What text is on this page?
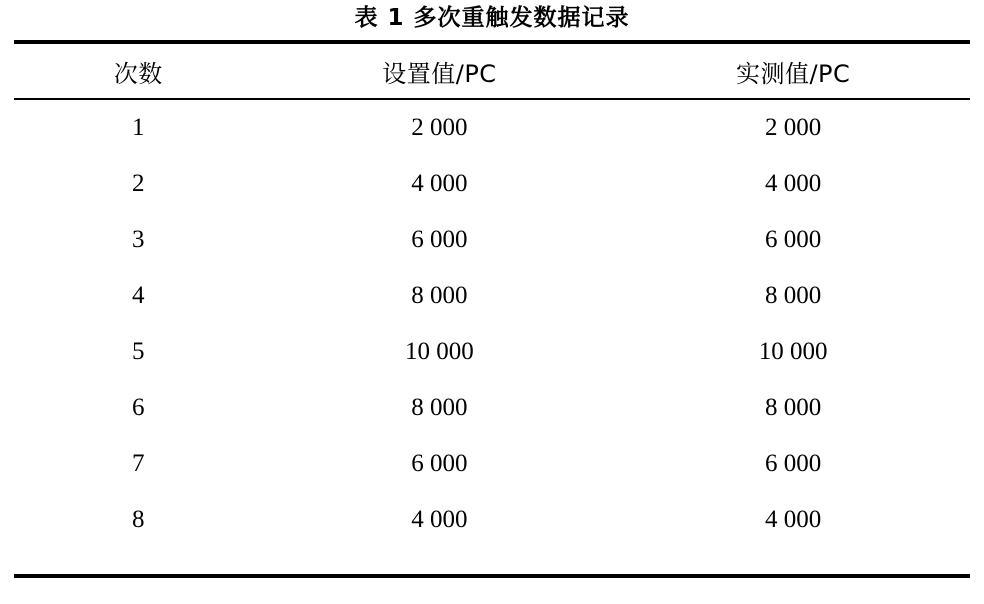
表 1 多次重触发数据记录

次数	设置值/PC	实测值/PC

1	2 000	2 000
2	4 000	4 000
3	6 000	6 000
4	8 000	8 000
5	10 000	10 000
6	8 000	8 000
7	6 000	6 000
8	4 000	4 000
